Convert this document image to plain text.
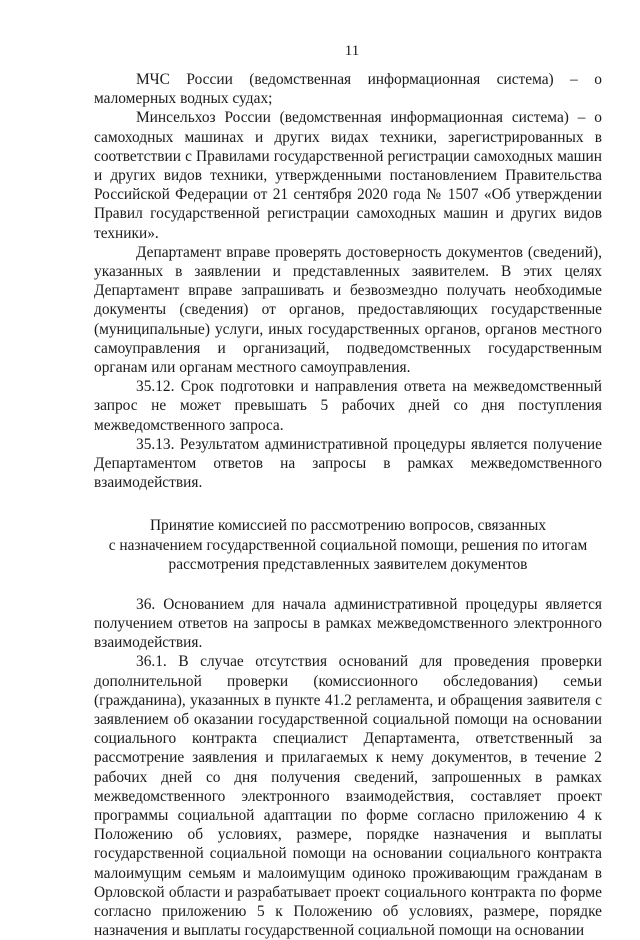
11

МЧС России (ведомственная информационная система) – о маломерных водных судах;

Минсельхоз России (ведомственная информационная система) – о самоходных машинах и других видах техники, зарегистрированных в соответствии с Правилами государственной регистрации самоходных машин и других видов техники, утвержденными постановлением Правительства Российской Федерации от 21 сентября 2020 года № 1507 «Об утверждении Правил государственной регистрации самоходных машин и других видов техники».

Департамент вправе проверять достоверность документов (сведений), указанных в заявлении и представленных заявителем. В этих целях Департамент вправе запрашивать и безвозмездно получать необходимые документы (сведения) от органов, предоставляющих государственные (муниципальные) услуги, иных государственных органов, органов местного самоуправления и организаций, подведомственных государственным органам или органам местного самоуправления.

35.12. Срок подготовки и направления ответа на межведомственный запрос не может превышать 5 рабочих дней со дня поступления межведомственного запроса.

35.13. Результатом административной процедуры является получение Департаментом ответов на запросы в рамках межведомственного взаимодействия.

Принятие комиссией по рассмотрению вопросов, связанных

с назначением государственной социальной помощи, решения по итогам

рассмотрения представленных заявителем документов

36. Основанием для начала административной процедуры является получением ответов на запросы в рамках межведомственного электронного взаимодействия.

36.1. В случае отсутствия оснований для проведения проверки дополнительной проверки (комиссионного обследования) семьи (гражданина), указанных в пункте 41.2 регламента, и обращения заявителя с заявлением об оказании государственной социальной помощи на основании социального контракта специалист Департамента, ответственный за рассмотрение заявления и прилагаемых к нему документов, в течение 2 рабочих дней со дня получения сведений, запрошенных в рамках межведомственного электронного взаимодействия, составляет проект программы социальной адаптации по форме согласно приложению 4 к Положению об условиях, размере, порядке назначения и выплаты государственной социальной помощи на основании социального контракта малоимущим семьям и малоимущим одиноко проживающим гражданам в Орловской области и разрабатывает проект социального контракта по форме согласно приложению 5 к Положению об условиях, размере, порядке назначения и выплаты государственной социальной помощи на основании
